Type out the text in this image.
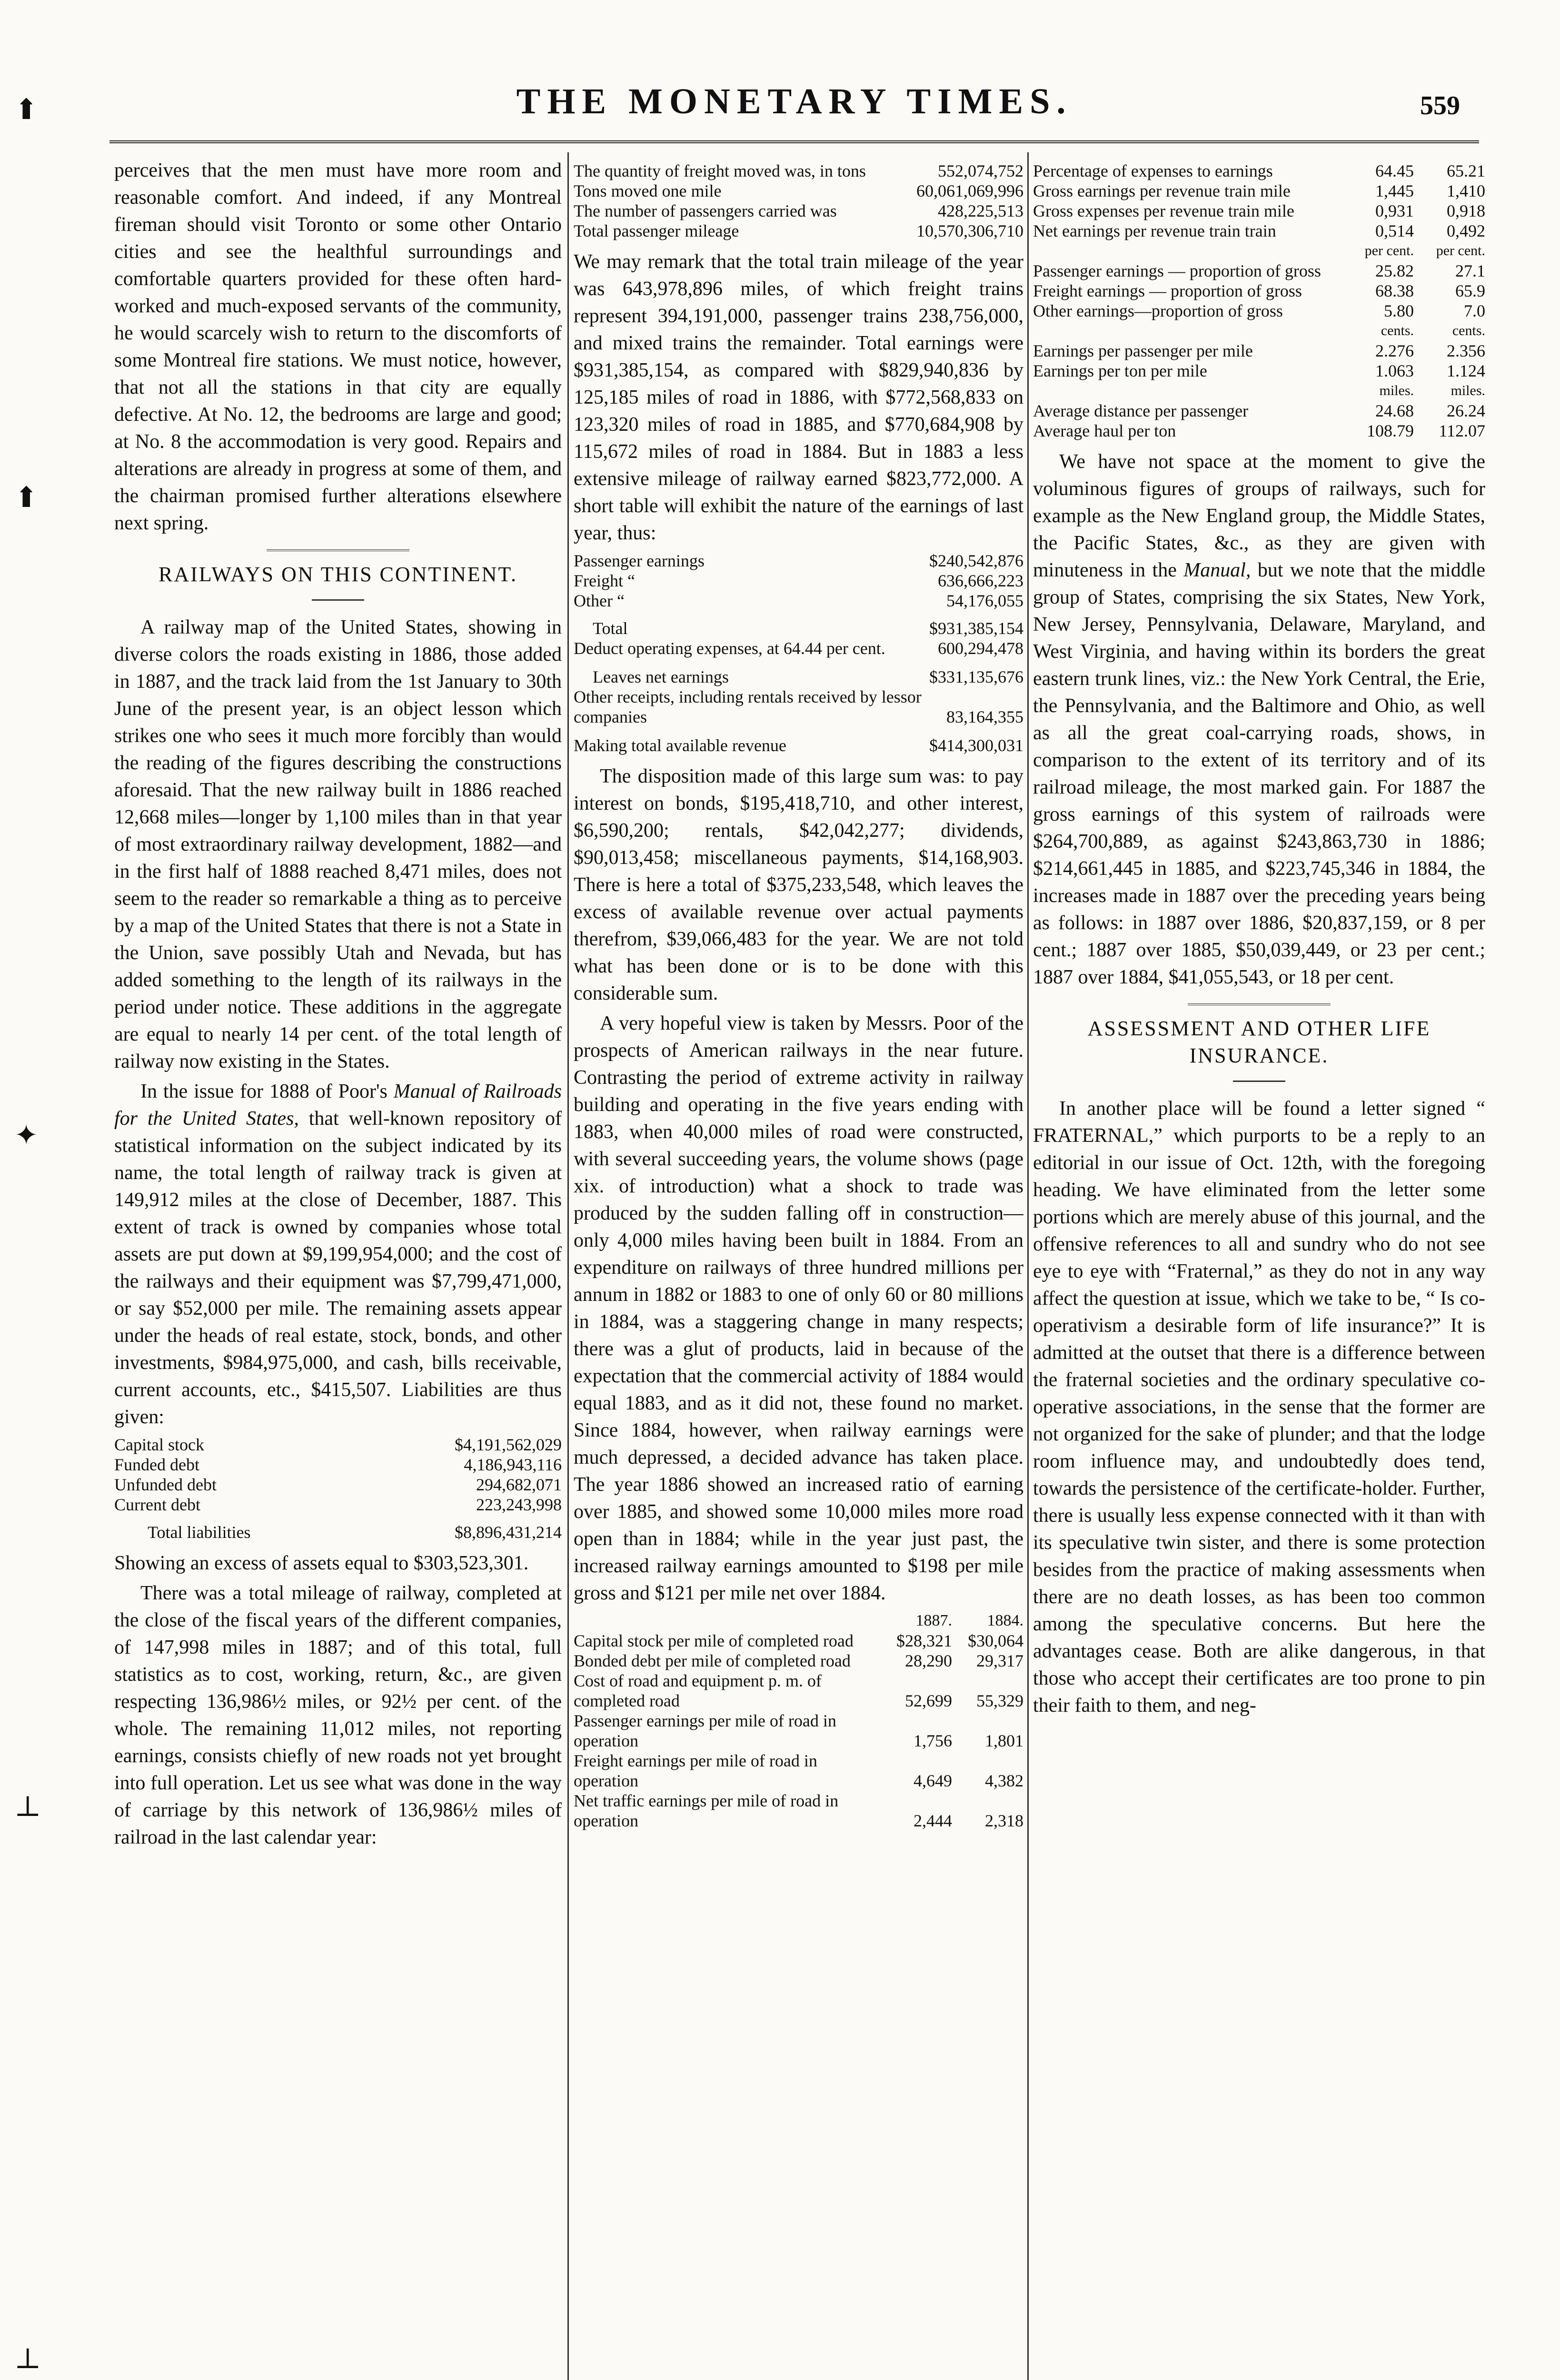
THE MONETARY TIMES.	559
⬆
⬆
✦
⊥
⊥

perceives that the men must have more room and reasonable comfort. And indeed, if any Montreal fireman should visit Toronto or some other Ontario cities and see the healthful surroundings and comfortable quarters provided for these often hard-worked and much-exposed servants of the community, he would scarcely wish to return to the discomforts of some Montreal fire stations. We must notice, however, that not all the stations in that city are equally defective. At No. 12, the bedrooms are large and good; at No. 8 the accommodation is very good. Repairs and alterations are already in progress at some of them, and the chairman promised further alterations elsewhere next spring.

RAILWAYS ON THIS CONTINENT.

A railway map of the United States, showing in diverse colors the roads existing in 1886, those added in 1887, and the track laid from the 1st January to 30th June of the present year, is an object lesson which strikes one who sees it much more forcibly than would the reading of the figures describing the constructions aforesaid. That the new railway built in 1886 reached 12,668 miles—longer by 1,100 miles than in that year of most extraordinary railway development, 1882—and in the first half of 1888 reached 8,471 miles, does not seem to the reader so remarkable a thing as to perceive by a map of the United States that there is not a State in the Union, save possibly Utah and Nevada, but has added something to the length of its railways in the period under notice. These additions in the aggregate are equal to nearly 14 per cent. of the total length of railway now existing in the States.

In the issue for 1888 of Poor's Manual of Railroads for the United States, that well-known repository of statistical information on the subject indicated by its name, the total length of railway track is given at 149,912 miles at the close of December, 1887. This extent of track is owned by companies whose total assets are put down at $9,199,954,000; and the cost of the railways and their equipment was $7,799,471,000, or say $52,000 per mile. The remaining assets appear under the heads of real estate, stock, bonds, and other investments, $984,975,000, and cash, bills receivable, current accounts, etc., $415,507. Liabilities are thus given:

Capital stock	$4,191,562,029
Funded debt	4,186,943,116
Unfunded debt	294,682,071
Current debt	223,243,998
Total liabilities	$8,896,431,214

Showing an excess of assets equal to $303,523,301.

There was a total mileage of railway, completed at the close of the fiscal years of the different companies, of 147,998 miles in 1887; and of this total, full statistics as to cost, working, return, &c., are given respecting 136,986½ miles, or 92½ per cent. of the whole. The remaining 11,012 miles, not reporting earnings, consists chiefly of new roads not yet brought into full operation. Let us see what was done in the way of carriage by this network of 136,986½ miles of railroad in the last calendar year:

The quantity of freight moved was, in tons	552,074,752
Tons moved one mile	60,061,069,996
The number of passengers carried was	428,225,513
Total passenger mileage	10,570,306,710

We may remark that the total train mileage of the year was 643,978,896 miles, of which freight trains represent 394,191,000, passenger trains 238,756,000, and mixed trains the remainder. Total earnings were $931,385,154, as compared with $829,940,836 by 125,185 miles of road in 1886, with $772,568,833 on 123,320 miles of road in 1885, and $770,684,908 by 115,672 miles of road in 1884. But in 1883 a less extensive mileage of railway earned $823,772,000. A short table will exhibit the nature of the earnings of last year, thus:

Passenger earnings	$240,542,876
Freight “	636,666,223
Other “	54,176,055
Total	$931,385,154
Deduct operating expenses, at 64.44 per cent.	600,294,478
Leaves net earnings	$331,135,676
Other receipts, including rentals received by lessor companies	83,164,355
Making total available revenue	$414,300,031

The disposition made of this large sum was: to pay interest on bonds, $195,418,710, and other interest, $6,590,200; rentals, $42,042,277; dividends, $90,013,458; miscellaneous payments, $14,168,903. There is here a total of $375,233,548, which leaves the excess of available revenue over actual payments therefrom, $39,066,483 for the year. We are not told what has been done or is to be done with this considerable sum.

A very hopeful view is taken by Messrs. Poor of the prospects of American railways in the near future. Contrasting the period of extreme activity in railway building and operating in the five years ending with 1883, when 40,000 miles of road were constructed, with several succeeding years, the volume shows (page xix. of introduction) what a shock to trade was produced by the sudden falling off in construction—only 4,000 miles having been built in 1884. From an expenditure on railways of three hundred millions per annum in 1882 or 1883 to one of only 60 or 80 millions in 1884, was a staggering change in many respects; there was a glut of products, laid in because of the expectation that the commercial activity of 1884 would equal 1883, and as it did not, these found no market. Since 1884, however, when railway earnings were much depressed, a decided advance has taken place. The year 1886 showed an increased ratio of earning over 1885, and showed some 10,000 miles more road open than in 1884; while in the year just past, the increased railway earnings amounted to $198 per mile gross and $121 per mile net over 1884.

	1887.	1884.
Capital stock per mile of completed road	$28,321	$30,064
Bonded debt per mile of completed road	28,290	29,317
Cost of road and equipment p. m. of completed road	52,699	55,329
Passenger earnings per mile of road in operation	1,756	1,801
Freight earnings per mile of road in operation	4,649	4,382
Net traffic earnings per mile of road in operation	2,444	2,318
Percentage of expenses to earnings	64.45	65.21
Gross earnings per revenue train mile	1,445	1,410
Gross expenses per revenue train mile	0,931	0,918
Net earnings per revenue train train	0,514	0,492
	per cent.	per cent.
Passenger earnings — proportion of gross	25.82	27.1
Freight earnings — proportion of gross	68.38	65.9
Other earnings—proportion of gross	5.80	7.0
	cents.	cents.
Earnings per passenger per mile	2.276	2.356
Earnings per ton per mile	1.063	1.124
	miles.	miles.
Average distance per passenger	24.68	26.24
Average haul per ton	108.79	112.07

We have not space at the moment to give the voluminous figures of groups of railways, such for example as the New England group, the Middle States, the Pacific States, &c., as they are given with minuteness in the Manual, but we note that the middle group of States, comprising the six States, New York, New Jersey, Pennsylvania, Delaware, Maryland, and West Virginia, and having within its borders the great eastern trunk lines, viz.: the New York Central, the Erie, the Pennsylvania, and the Baltimore and Ohio, as well as all the great coal-carrying roads, shows, in comparison to the extent of its territory and of its railroad mileage, the most marked gain. For 1887 the gross earnings of this system of railroads were $264,700,889, as against $243,863,730 in 1886; $214,661,445 in 1885, and $223,745,346 in 1884, the increases made in 1887 over the preceding years being as follows: in 1887 over 1886, $20,837,159, or 8 per cent.; 1887 over 1885, $50,039,449, or 23 per cent.; 1887 over 1884, $41,055,543, or 18 per cent.

ASSESSMENT AND OTHER LIFE INSURANCE.

In another place will be found a letter signed “ FRATERNAL,” which purports to be a reply to an editorial in our issue of Oct. 12th, with the foregoing heading. We have eliminated from the letter some portions which are merely abuse of this journal, and the offensive references to all and sundry who do not see eye to eye with “Fraternal,” as they do not in any way affect the question at issue, which we take to be, “ Is co-operativism a desirable form of life insurance?” It is admitted at the outset that there is a difference between the fraternal societies and the ordinary speculative co-operative associations, in the sense that the former are not organized for the sake of plunder; and that the lodge room influence may, and undoubtedly does tend, towards the persistence of the certificate-holder. Further, there is usually less expense connected with it than with its speculative twin sister, and there is some protection besides from the practice of making assessments when there are no death losses, as has been too common among the speculative concerns. But here the advantages cease. Both are alike dangerous, in that those who accept their certificates are too prone to pin their faith to them, and neg-
